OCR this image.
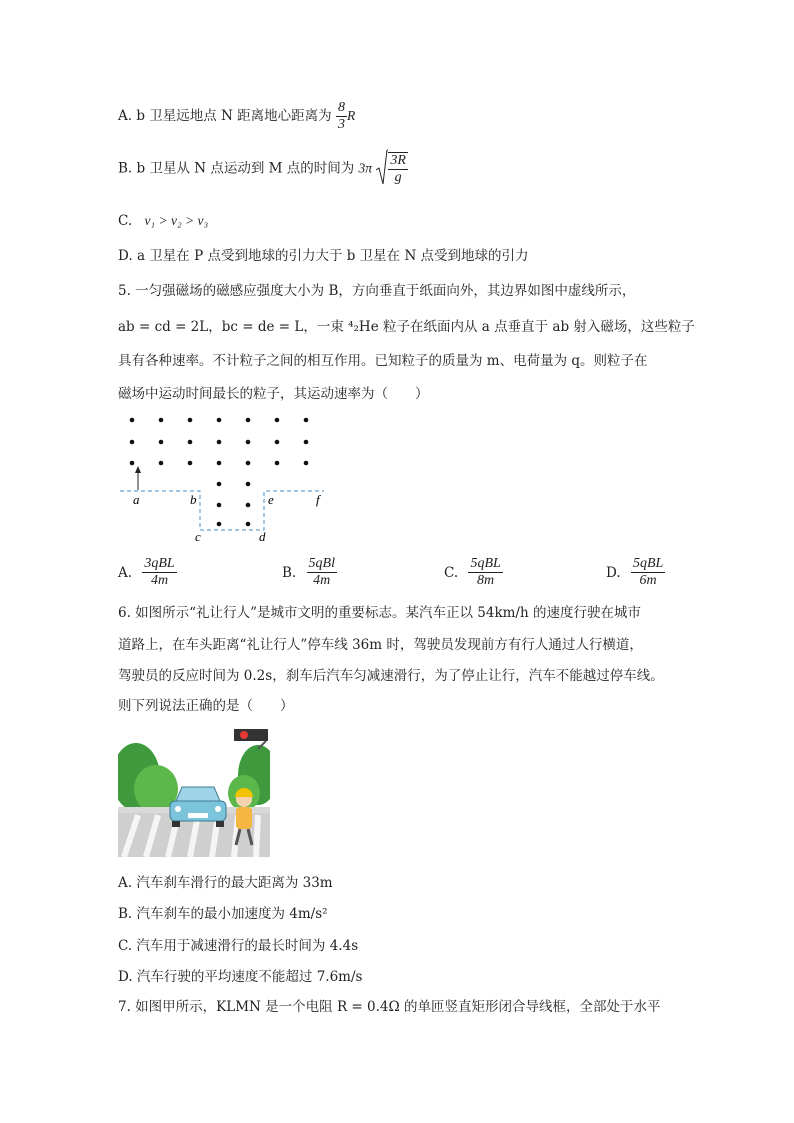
A. b 卫星远地点 N 距离地心距离为 $\frac{8}{3}$ R
B. b 卫星从 N 点运动到 M 点的时间为 $3\pi \frac{3R}{g}$
C. v₁ > v₂ > v₃
D. a 卫星在 P 点受到地球的引力大于 b 卫星在 N 点受到地球的引力
5. 一匀强磁场的磁感应强度大小为 B，方向垂直于纸面向外，其边界如图中虚线所示，
ab = cd = 2L，bc = de = L，一束 ⁴₂He 粒子在纸面内从 a 点垂直于 ab 射入磁场，这些粒子
具有各种速率。不计粒子之间的相互作用。已知粒子的质量为 m、电荷量为 q。则粒子在
磁场中运动时间最长的粒子，其运动速率为（　　）
a	b
c	d
e	f
A. $\frac{\text{3qBL}}{4m}$	B. $\frac{\text{5qBl}}{4m}$	C. $\frac{\text{5qBL}}{8m}$	D. $\frac{\text{5qBL}}{6m}$
6. 如图所示“礼让行人”是城市文明的重要标志。某汽车正以 54km/h 的速度行驶在城市
道路上，在车头距离“礼让行人”停车线 36m 时，驾驶员发现前方有行人通过人行横道，
驾驶员的反应时间为 0.2s，刹车后汽车匀减速滑行，为了停止让行，汽车不能越过停车线。
则下列说法正确的是（　　）
A. 汽车刹车滑行的最大距离为 33m
B. 汽车刹车的最小加速度为 4m/s²
C. 汽车用于减速滑行的最长时间为 4.4s
D. 汽车行驶的平均速度不能超过 7.6m/s
7. 如图甲所示，KLMN 是一个电阻 R = 0.4Ω 的单匝竖直矩形闭合导线框，全部处于水平
